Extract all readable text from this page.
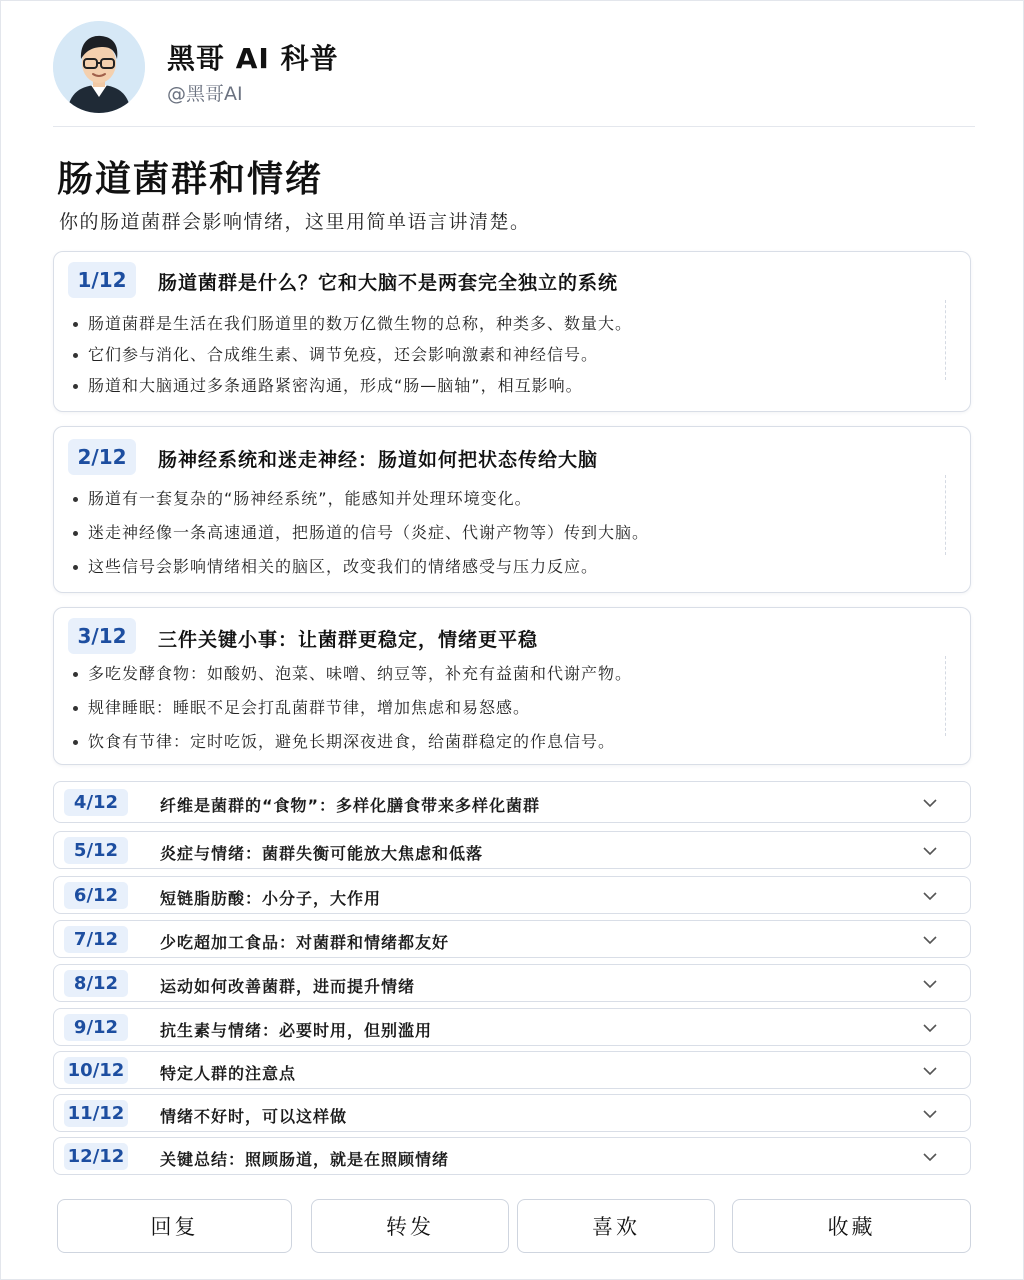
黑哥 AI 科普
@黑哥AI
肠道菌群和情绪
你的肠道菌群会影响情绪，这里用简单语言讲清楚。
1/12	肠道菌群是什么？它和大脑不是两套完全独立的系统
肠道菌群是生活在我们肠道里的数万亿微生物的总称，种类多、数量大。
它们参与消化、合成维生素、调节免疫，还会影响激素和神经信号。
肠道和大脑通过多条通路紧密沟通，形成“肠—脑轴”，相互影响。
2/12	肠神经系统和迷走神经：肠道如何把状态传给大脑
肠道有一套复杂的“肠神经系统”，能感知并处理环境变化。
迷走神经像一条高速通道，把肠道的信号（炎症、代谢产物等）传到大脑。
这些信号会影响情绪相关的脑区，改变我们的情绪感受与压力反应。
3/12	三件关键小事：让菌群更稳定，情绪更平稳
多吃发酵食物：如酸奶、泡菜、味噌、纳豆等，补充有益菌和代谢产物。
规律睡眠：睡眠不足会打乱菌群节律，增加焦虑和易怒感。
饮食有节律：定时吃饭，避免长期深夜进食，给菌群稳定的作息信号。
4/12	纤维是菌群的“食物”：多样化膳食带来多样化菌群
5/12	炎症与情绪：菌群失衡可能放大焦虑和低落
6/12	短链脂肪酸：小分子，大作用
7/12	少吃超加工食品：对菌群和情绪都友好
8/12	运动如何改善菌群，进而提升情绪
9/12	抗生素与情绪：必要时用，但别滥用
10/12 特定人群的注意点
11/12 情绪不好时，可以这样做
12/12 关键总结：照顾肠道，就是在照顾情绪
回复	转发	喜欢	收藏
